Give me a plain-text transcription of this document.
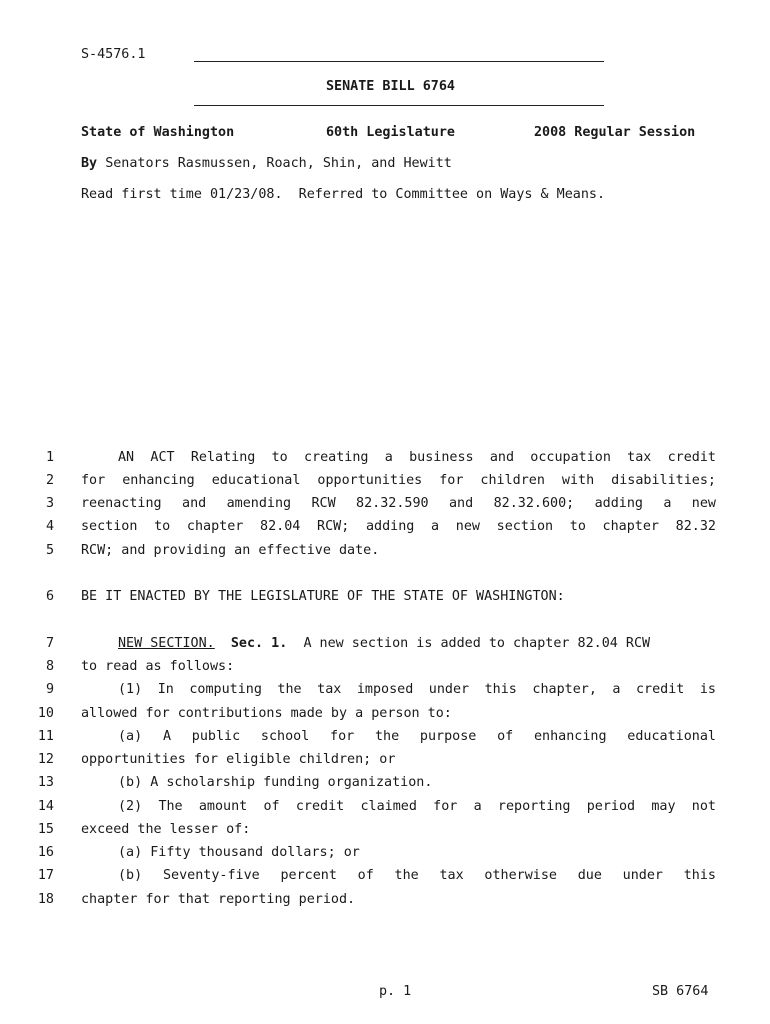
S-4576.1
SENATE BILL 6764
State of Washington	60th Legislature	2008 Regular Session
By Senators Rasmussen, Roach, Shin, and Hewitt
Read first time 01/23/08.  Referred to Committee on Ways & Means.
1
2
3
4
5
6
7
8
9
10
11
12
13
14
15
16
17
18
AN ACT Relating to creating a business and occupation tax credit
for enhancing educational opportunities for children with disabilities;
reenacting and amending RCW 82.32.590 and 82.32.600; adding a new
section to chapter 82.04 RCW; adding a new section to chapter 82.32
RCW; and providing an effective date.
BE IT ENACTED BY THE LEGISLATURE OF THE STATE OF WASHINGTON:
NEW SECTION. Sec. 1. A new section is added to chapter 82.04 RCW
to read as follows:
(1) In computing the tax imposed under this chapter, a credit is
allowed for contributions made by a person to:
(a) A public school for the purpose of enhancing educational
opportunities for eligible children; or
(b) A scholarship funding organization.
(2) The amount of credit claimed for a reporting period may not
exceed the lesser of:
(a) Fifty thousand dollars; or
(b) Seventy-five percent of the tax otherwise due under this
chapter for that reporting period.
p. 1	SB 6764
